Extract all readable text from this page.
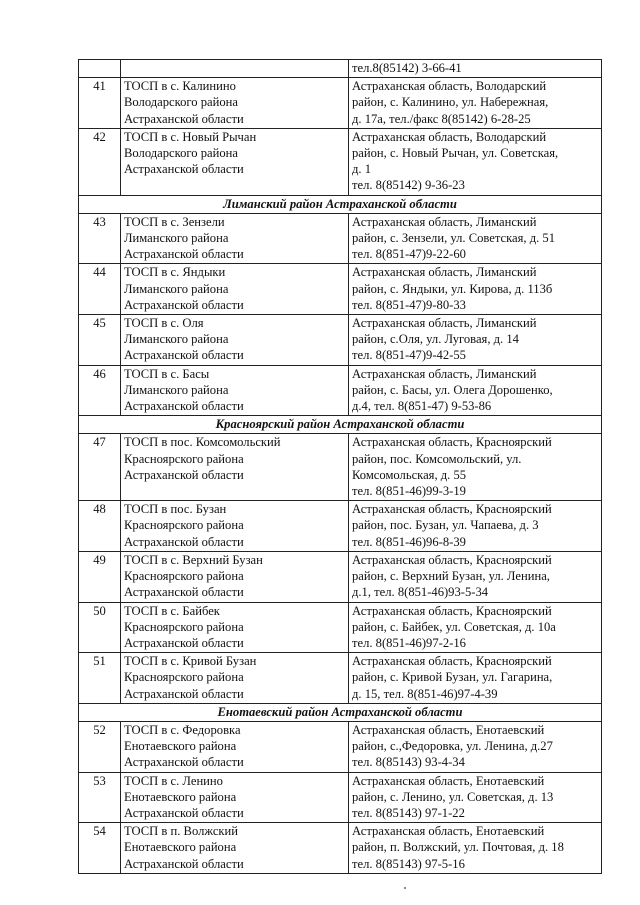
		тел.8(85142) 3-66-41
41	ТОСП в с. Калинино
Володарского района
Астраханской области	Астраханская область, Володарский
район, с. Калинино, ул. Набережная,
д. 17а, тел./факс 8(85142) 6-28-25
42	ТОСП в с. Новый Рычан
Володарского района
Астраханской области	Астраханская область, Володарский
район, с. Новый Рычан, ул. Советская,
д. 1
тел. 8(85142) 9-36-23
Лиманский район Астраханской области		
43	ТОСП в с. Зензели
Лиманского района
Астраханской области	Астраханская область, Лиманский
район, с. Зензели, ул. Советская, д. 51
тел. 8(851-47)9-22-60
44	ТОСП в с. Яндыки
Лиманского района
Астраханской области	Астраханская область, Лиманский
район, с. Яндыки, ул. Кирова, д. 113б
тел. 8(851-47)9-80-33
45	ТОСП в с. Оля
Лиманского района
Астраханской области	Астраханская область, Лиманский
район, с.Оля, ул. Луговая, д. 14
тел. 8(851-47)9-42-55
46	ТОСП в с. Басы
Лиманского района
Астраханской области	Астраханская область, Лиманский
район, с. Басы, ул. Олега Дорошенко,
д.4, тел. 8(851-47) 9-53-86
Красноярский район Астраханской области		
47	ТОСП в пос. Комсомольский
Красноярского района
Астраханской области	Астраханская область, Красноярский
район, пос. Комсомольский, ул.
Комсомольская, д. 55
тел. 8(851-46)99-3-19
48	ТОСП в пос. Бузан
Красноярского района
Астраханской области	Астраханская область, Красноярский
район, пос. Бузан, ул. Чапаева, д. 3
тел. 8(851-46)96-8-39
49	ТОСП в с. Верхний Бузан
Красноярского района
Астраханской области	Астраханская область, Красноярский
район, с. Верхний Бузан, ул. Ленина,
д.1, тел. 8(851-46)93-5-34
50	ТОСП в с. Байбек
Красноярского района
Астраханской области	Астраханская область, Красноярский
район, с. Байбек, ул. Советская, д. 10а
тел. 8(851-46)97-2-16
51	ТОСП в с. Кривой Бузан
Красноярского района
Астраханской области	Астраханская область, Красноярский
район, с. Кривой Бузан, ул. Гагарина,
д. 15, тел. 8(851-46)97-4-39
Енотаевский район Астраханской области		
52	ТОСП в с. Федоровка
Енотаевского района
Астраханской области	Астраханская область, Енотаевский
район, с.,Федоровка, ул. Ленина, д.27
тел. 8(85143) 93-4-34
53	ТОСП в с. Ленино
Енотаевского района
Астраханской области	Астраханская область, Енотаевский
район, с. Ленино, ул. Советская, д. 13
тел. 8(85143) 97-1-22
54	ТОСП в п. Волжский
Енотаевского района
Астраханской области	Астраханская область, Енотаевский
район, п. Волжский, ул. Почтовая, д. 18
тел. 8(85143) 97-5-16
